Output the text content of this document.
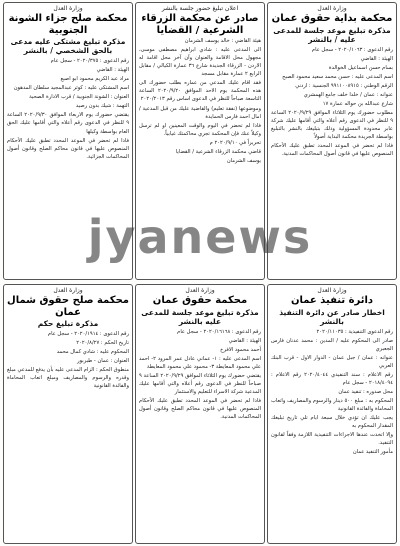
وزارة العدل
محكمة بداية حقوق عمان
مذكرة تبليغ موعد جلسة للمدعى عليه / بالنشر

رقم الدعوى : ٢٠٢٠/١٠٦٣ - سجل عام

الهيئة : القاضي

بسام حسن اسماعيل الخوالدة

اسم المدعى عليه : حسن محمد سعيد محمود الصبح

الرقم الوطني : ٩٩١١٠٠٨٩١٥ الجنسية : اردني

عنوانه : عمان / خلدا خلف جامع الهمشري

شارع عبدالله بن حواله عمارة ١٧

مطلوب حضورك يوم الثلاثاء الموافق ٢٠٢٠/٩/٢٩ الساعة ٩ للنظر في الدعوى رقم أعلاه والتي أقامها عليك شركة عابر محدودة المسؤولية وذلك بتبليغك بالنشر بالتبليغ بواسطة الجريدة محكمة البداية أصولاً

فاذا لم تحضر في الموعد المحدد تطبق عليك الأحكام المنصوص عليها في قانون أصول المحاكمات المدنية.

اعلان تبليغ حضور جلسة بالنشر
صادر عن محكمة الزرقاء الشرعية / القضايا

هيئة القاضي : خالد يوسف الشرمان

الى المدعى عليه : شادي ابراهيم مصطفى موسى، مجهول محل الاقامة والعنوان وآن آخر محل اقامة له الاردن - الزرقاء الجديدة شارع ٣٦ عمارة الكيالي / مقابل الرابع ٢ عمارة مقابل مسجد

فقد اقام عليك المدعي من عماره بطلب حضورك الى هذه المحكمة يوم الاحد الموافق ٢٠٢٠/٩/٢٠ الساعة التاسعة صباحاً للنظر في الدعوى اساس رقم ٢٠٢٠/٢٠١٣

وموضوعها (نفقة تعليم) والقاضية عليك من قبل المدعية / امال احمد فارس الحمايدة

فاذا لم تحضر في اليوم والوقت المعينين او لم ترسل وكيلاً عنك فإن المحكمة تجري محاكمتك غيابياً.

تحريراً في ٢٠٢٠/٩/١٠ م

قاضي محكمة الزرقاء الشرعية / القضايا

يوسف الشرمان

وزارة العدل
محكمة صلح جزاء الشونة الجنوبية
مذكرة تبليغ مشتكى عليه مدعى بالحق الشخصي / بالنشر

رقم الدعوى : ٢٠٢٠/٣٧٥ - سجل عام

الهيئة : القاضي

مراد عبد الكريم محمود ابو اصبع

اسم المشتكى عليه : كوثر عبدالمجيد سلطان المدهون

العنوان : الشونة الجنوبية / قرب الادارة الصحية

التهمة : شيك بدون رصيد

يقتضي حضورك يوم الاربعاء الموافق ٢٠٢٠/٩/٣٠ الساعة ٩ للنظر في الدعوى رقم أعلاه والتي أقامها عليك الحق العام بواسطة وكيلها

فاذا لم تحضر في الموعد المحدد تطبق عليك الأحكام المنصوص عليها في قانون محاكم الصلح وقانون أصول المحاكمات الجزائية.

وزارة العدل
دائرة تنفيذ عمان
اخطار صادر عن دائرة التنفيذ بالنشر

رقم الدعوى التنفيذية : ٢٠٢٠/١١٠٣٥

صادر الى المحكوم عليه / المدين : محمد عدنان فارس الجعبري

عنوانه : عمان / جبل عمان - الدوار الاول - قرب البنك العربي

رقم الاعلام : سند التنفيذي ٢٠٢٠/٤٠٤٤ رقم الاعلام : ٢٠١٨/٤٠٩٤ - سجل عام

محل صدوره : تنفيذ عمان

المحكوم به : مبلغ ٥٠٠ دينار والرسوم والمصاريف واتعاب المحاماة والفائدة القانونية

يجب عليك ان تؤدي خلال سبعة ايام تلي تاريخ تبليغك المقدار المحكوم به

وإلا اتخذت عندها الاجراءات التنفيذية اللازمة وفقاً لقانون التنفيذ.

مأمور التنفيذ عمان

وزارة العدل
محكمة حقوق عمان
مذكرة تبليغ موعد جلسة للمدعى عليه بالنشر

رقم الدعوى : ٢٠٢٠/١٦١٦٨ - سجل عام

الهيئة : القاضي

أحمد محمود الافرخ

اسم المدعى عليه : ١- عماني عادل عمر المرود ٢- احمد علي محمود المعايطة ٣- محمود علي محمود المعايطة

يقتضي حضورك يوم الثلاثاء الموافق ٢٠٢٠/٩/٢٩ الساعة ٩ صباحاً للنظر في الدعوى رقم أعلاه والتي أقامها عليك المدعية شركة الاسراء للتعليم والاستثمار

فاذا لم تحضر في الموعد المحدد تطبق عليك الأحكام المنصوص عليها في قانون محاكم الصلح وقانون أصول المحاكمات المدنية.

وزارة العدل
محكمة صلح حقوق شمال عمان
مذكرة تبليغ حكم

رقم الدعوى : ٢٠٢٠/١٩١٤ - سجل عام

تاريخ الحكم : ٢٠٢٠/٨/٢٧

المحكوم عليه : شادي كمال محمد

العنوان : عمان - طبربور

منطوق الحكم : الزام المدعى عليه بأن يدفع للمدعي مبلغ وقدره والرسوم والمصاريف ومبلغ اتعاب المحاماة والفائدة القانونية

jyanews
